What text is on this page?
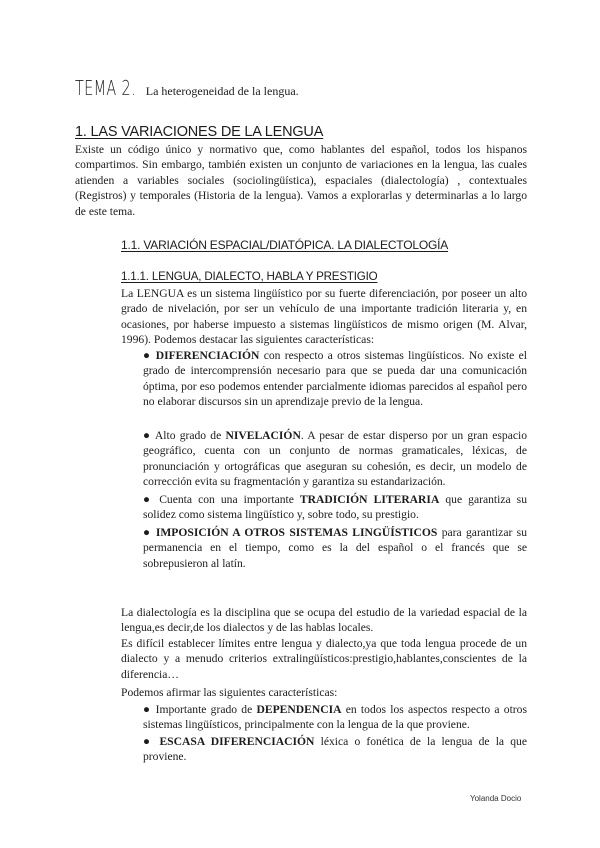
TEMA 2. La heterogeneidad de la lengua.
1. LAS VARIACIONES DE LA LENGUA
Existe un código único y normativo que, como hablantes del español, todos los hispanos compartimos. Sin embargo, también existen un conjunto de variaciones en la lengua, las cuales atienden a variables sociales (sociolingüística), espaciales (dialectología) , contextuales (Registros) y temporales (Historia de la lengua). Vamos a explorarlas y determinarlas a lo largo de este tema.
1.1. VARIACIÓN ESPACIAL/DIATÓPICA. LA DIALECTOLOGÍA
1.1.1. LENGUA, DIALECTO, HABLA Y PRESTIGIO
La LENGUA es un sistema lingüístico por su fuerte diferenciación, por poseer un alto grado de nivelación, por ser un vehículo de una importante tradición literaria y, en ocasiones, por haberse impuesto a sistemas lingüísticos de mismo origen (M. Alvar, 1996). Podemos destacar las siguientes características:
● DIFERENCIACIÓN con respecto a otros sistemas lingüísticos. No existe el grado de intercomprensión necesario para que se pueda dar una comunicación óptima, por eso podemos entender parcialmente idiomas parecidos al español pero no elaborar discursos sin un aprendizaje previo de la lengua.
● Alto grado de NIVELACIÓN. A pesar de estar disperso por un gran espacio geográfico, cuenta con un conjunto de normas gramaticales, léxicas, de pronunciación y ortográficas que aseguran su cohesión, es decir, un modelo de corrección evita su fragmentación y garantiza su estandarización.
● Cuenta con una importante TRADICIÓN LITERARIA que garantiza su solidez como sistema lingüístico y, sobre todo, su prestigio.
● IMPOSICIÓN A OTROS SISTEMAS LINGÜÍSTICOS para garantizar su permanencia en el tiempo, como es la del español o el francés que se sobrepusieron al latín.
La dialectología es la disciplina que se ocupa del estudio de la variedad espacial de la lengua,es decir,de los dialectos y de las hablas locales.
Es difícil establecer límites entre lengua y dialecto,ya que toda lengua procede de un dialecto y a menudo criterios extralingüísticos:prestigio,hablantes,conscientes de la diferencia…
Podemos afirmar las siguientes características:
● Importante grado de DEPENDENCIA en todos los aspectos respecto a otros sistemas lingüísticos, principalmente con la lengua de la que proviene.
● ESCASA DIFERENCIACIÓN léxica o fonética de la lengua de la que proviene.
Yolanda Docio
